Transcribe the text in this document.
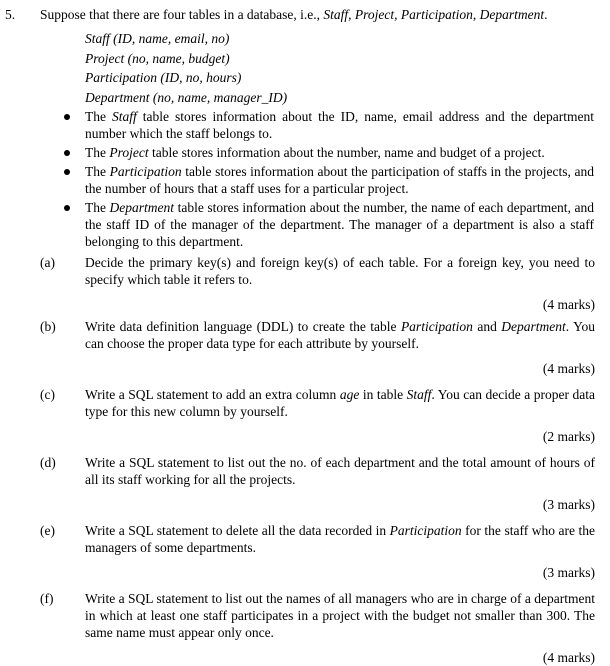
5. Suppose that there are four tables in a database, i.e., Staff, Project, Participation, Department.
Staff (ID, name, email, no)
Project (no, name, budget)
Participation (ID, no, hours)
Department (no, name, manager_ID)
The Staff table stores information about the ID, name, email address and the department number which the staff belongs to.
The Project table stores information about the number, name and budget of a project.
The Participation table stores information about the participation of staffs in the projects, and the number of hours that a staff uses for a particular project.
The Department table stores information about the number, the name of each department, and the staff ID of the manager of the department. The manager of a department is also a staff belonging to this department.
(a)	Decide the primary key(s) and foreign key(s) of each table. For a foreign key, you need to specify which table it refers to.
(4 marks)
(b)	Write data definition language (DDL) to create the table Participation and Department. You can choose the proper data type for each attribute by yourself.
(4 marks)
(c)	Write a SQL statement to add an extra column age in table Staff. You can decide a proper data type for this new column by yourself.
(2 marks)
(d)	Write a SQL statement to list out the no. of each department and the total amount of hours of all its staff working for all the projects.
(3 marks)
(e)	Write a SQL statement to delete all the data recorded in Participation for the staff who are the managers of some departments.
(3 marks)
(f)	Write a SQL statement to list out the names of all managers who are in charge of a department in which at least one staff participates in a project with the budget not smaller than 300. The same name must appear only once.
(4 marks)
